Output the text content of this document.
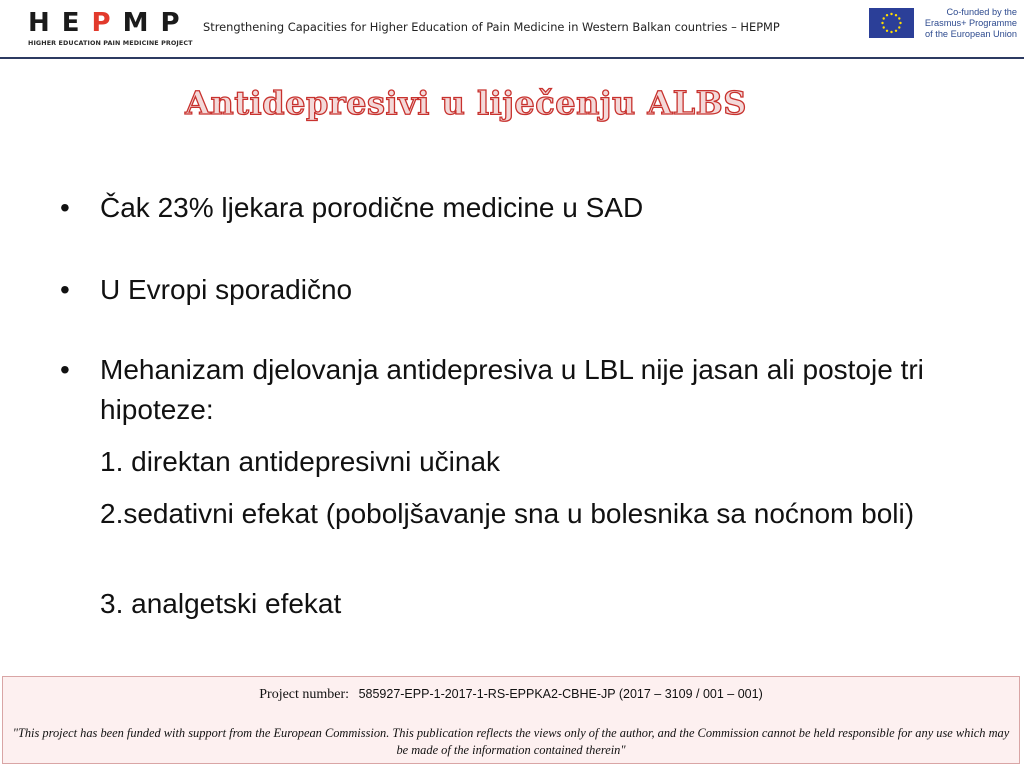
H E P M P
HIGHER EDUCATION PAIN MEDICINE PROJECT
Strengthening Capacities for Higher Education of Pain Medicine in Western Balkan countries – HEPMP
Co-funded by the
Erasmus+ Programme
of the European Union
Antidepresivi u liječenju ALBS
•	Čak 23% ljekara porodične medicine u SAD
•	U Evropi sporadično
•	Mehanizam djelovanja antidepresiva u LBL nije jasan ali postoje tri hipoteze:
1. direktan antidepresivni učinak
2.sedativni efekat (poboljšavanje sna u bolesnika sa noćnom boli)
3. analgetski efekat
Project number: 585927-EPP-1-2017-1-RS-EPPKA2-CBHE-JP (2017 – 3109 / 001 – 001)
"This project has been funded with support from the European Commission. This publication reflects the views only of the author, and the Commission cannot be held responsible for any use which may be made of the information contained therein"
